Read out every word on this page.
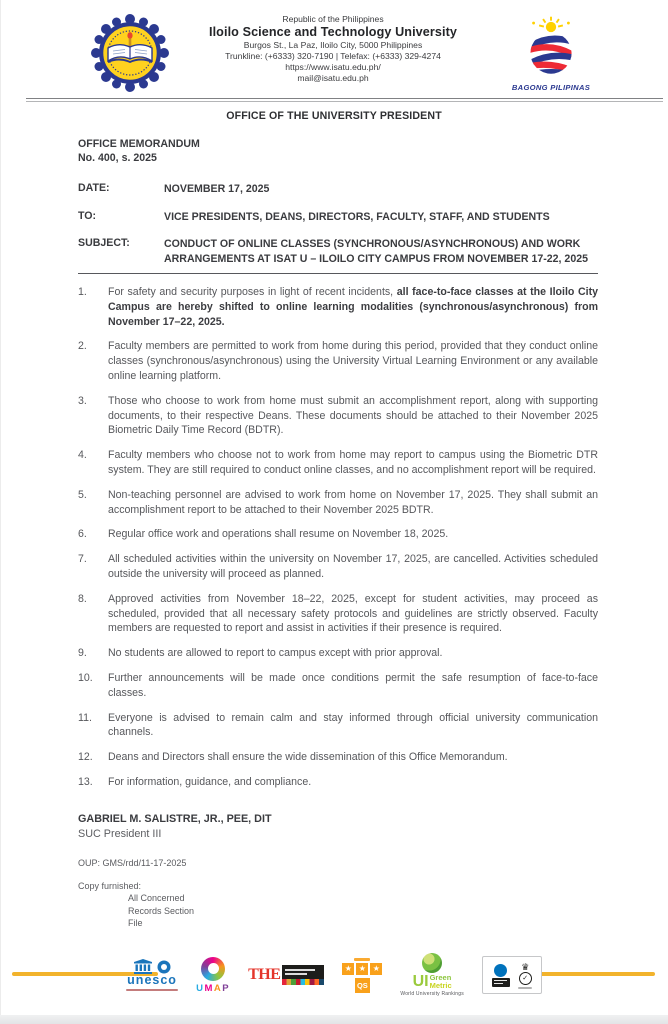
Republic of the Philippines
Iloilo Science and Technology University
Burgos St., La Paz, Iloilo City, 5000 Philippines
Trunkline: (+6333) 320-7190 | Telefax: (+6333) 329-4274
https://www.isatu.edu.ph/
mail@isatu.edu.ph
BAGONG PILIPINAS
OFFICE OF THE UNIVERSITY PRESIDENT
OFFICE MEMORANDUM
No. 400, s. 2025
DATE:	NOVEMBER 17, 2025
TO:	VICE PRESIDENTS, DEANS, DIRECTORS, FACULTY, STAFF, AND STUDENTS
SUBJECT:	CONDUCT OF ONLINE CLASSES (SYNCHRONOUS/ASYNCHRONOUS) AND WORK ARRANGEMENTS AT ISAT U – ILOILO CITY CAMPUS FROM NOVEMBER 17-22, 2025
1.	For safety and security purposes in light of recent incidents, all face-to-face classes at the Iloilo City Campus are hereby shifted to online learning modalities (synchronous/asynchronous) from November 17–22, 2025.
2.	Faculty members are permitted to work from home during this period, provided that they conduct online classes (synchronous/asynchronous) using the University Virtual Learning Environment or any available online learning platform.
3.	Those who choose to work from home must submit an accomplishment report, along with supporting documents, to their respective Deans. These documents should be attached to their November 2025 Biometric Daily Time Record (BDTR).
4.	Faculty members who choose not to work from home may report to campus using the Biometric DTR system. They are still required to conduct online classes, and no accomplishment report will be required.
5.	Non-teaching personnel are advised to work from home on November 17, 2025. They shall submit an accomplishment report to be attached to their November 2025 BDTR.
6.	Regular office work and operations shall resume on November 18, 2025.
7.	All scheduled activities within the university on November 17, 2025, are cancelled. Activities scheduled outside the university will proceed as planned.
8.	Approved activities from November 18–22, 2025, except for student activities, may proceed as scheduled, provided that all necessary safety protocols and guidelines are strictly observed. Faculty members are requested to report and assist in activities if their presence is required.
9.	No students are allowed to report to campus except with prior approval.
10.	Further announcements will be made once conditions permit the safe resumption of face-to-face classes.
11.	Everyone is advised to remain calm and stay informed through official university communication channels.
12.	Deans and Directors shall ensure the wide dissemination of this Office Memorandum.
13.	For information, guidance, and compliance.
GABRIEL M. SALISTRE, JR., PEE, DIT
SUC President III
OUP: GMS/rdd/11-17-2025
Copy furnished:
All Concerned
Records Section
File
unesco
UMAP
THE	★ ★ ★
QS	UI Green
Metric
World University Rankings
♛
✓
